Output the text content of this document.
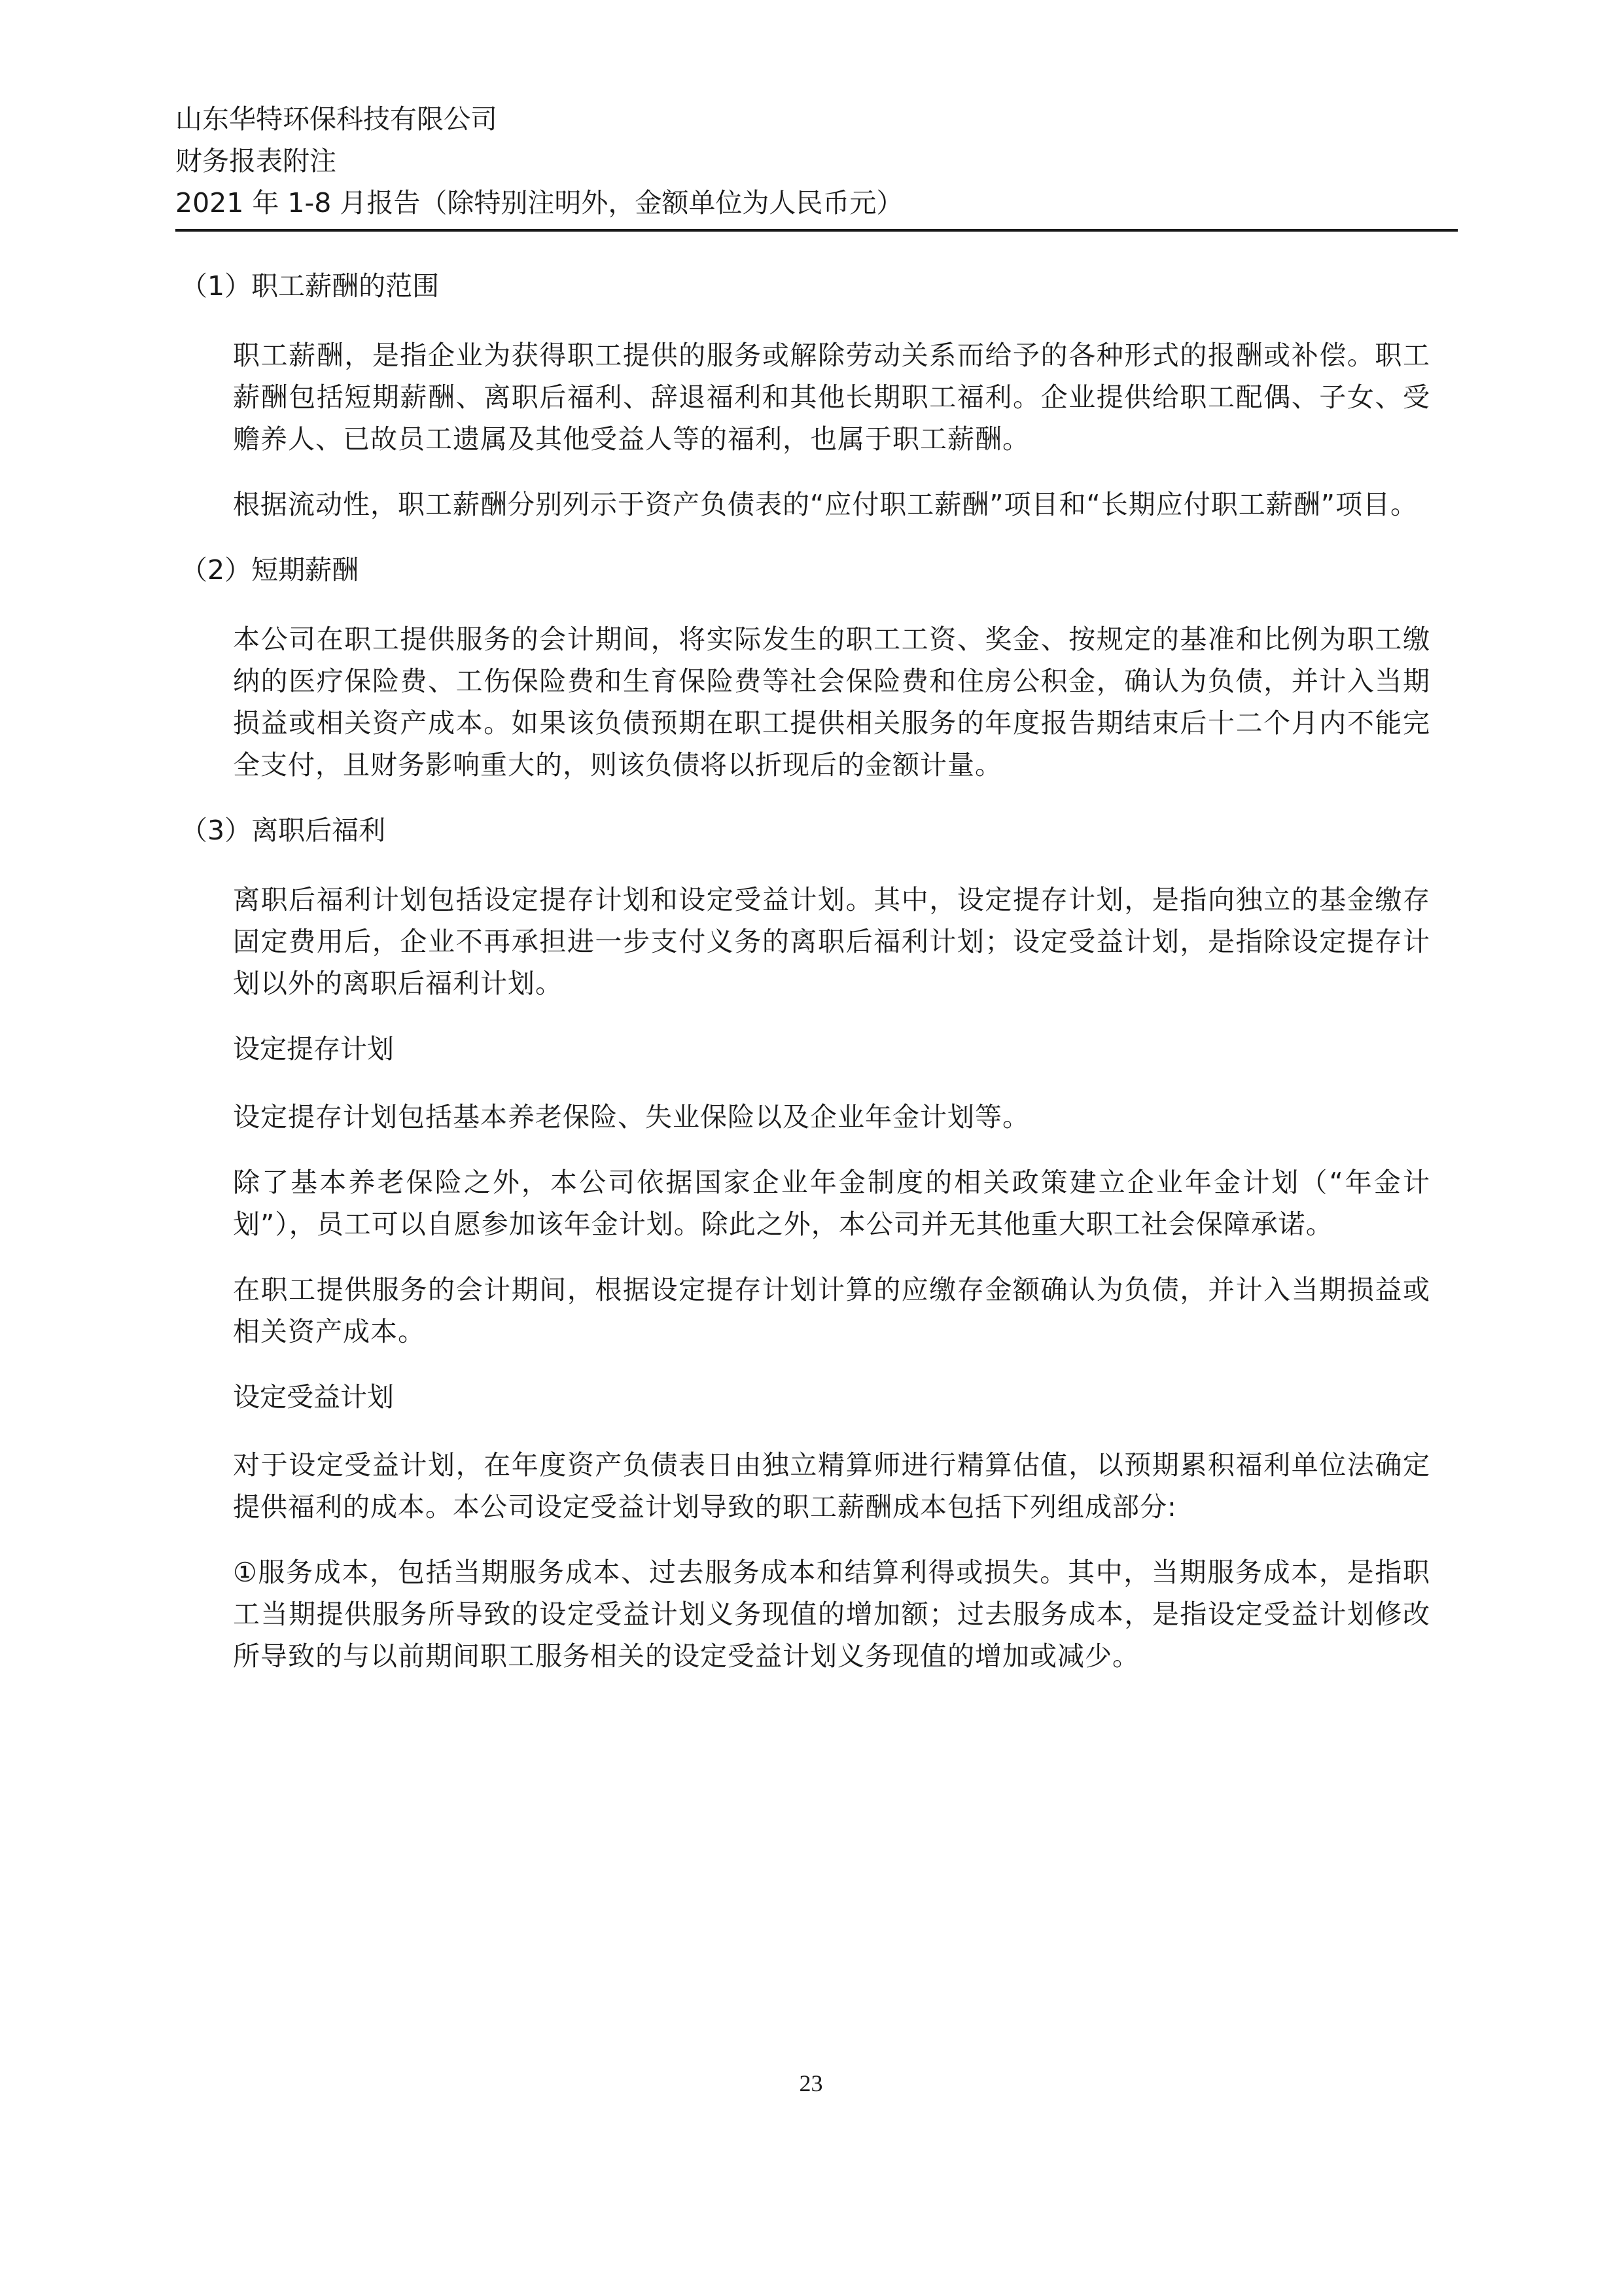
山东华特环保科技有限公司
财务报表附注
2021 年 1-8 月报告（除特别注明外，金额单位为人民币元）
（1）职工薪酬的范围

职工薪酬，是指企业为获得职工提供的服务或解除劳动关系而给予的各种形式的报酬或补偿。职工薪酬包括短期薪酬、离职后福利、辞退福利和其他长期职工福利。企业提供给职工配偶、子女、受赡养人、已故员工遗属及其他受益人等的福利，也属于职工薪酬。

根据流动性，职工薪酬分别列示于资产负债表的“应付职工薪酬”项目和“长期应付职工薪酬”项目。

（2）短期薪酬

本公司在职工提供服务的会计期间，将实际发生的职工工资、奖金、按规定的基准和比例为职工缴纳的医疗保险费、工伤保险费和生育保险费等社会保险费和住房公积金，确认为负债，并计入当期损益或相关资产成本。如果该负债预期在职工提供相关服务的年度报告期结束后十二个月内不能完全支付，且财务影响重大的，则该负债将以折现后的金额计量。

（3）离职后福利

离职后福利计划包括设定提存计划和设定受益计划。其中，设定提存计划，是指向独立的基金缴存固定费用后，企业不再承担进一步支付义务的离职后福利计划；设定受益计划，是指除设定提存计划以外的离职后福利计划。

设定提存计划

设定提存计划包括基本养老保险、失业保险以及企业年金计划等。

除了基本养老保险之外，本公司依据国家企业年金制度的相关政策建立企业年金计划（“年金计划”），员工可以自愿参加该年金计划。除此之外，本公司并无其他重大职工社会保障承诺。

在职工提供服务的会计期间，根据设定提存计划计算的应缴存金额确认为负债，并计入当期损益或相关资产成本。

设定受益计划

对于设定受益计划，在年度资产负债表日由独立精算师进行精算估值，以预期累积福利单位法确定提供福利的成本。本公司设定受益计划导致的职工薪酬成本包括下列组成部分:

①服务成本，包括当期服务成本、过去服务成本和结算利得或损失。其中，当期服务成本，是指职工当期提供服务所导致的设定受益计划义务现值的增加额；过去服务成本，是指设定受益计划修改所导致的与以前期间职工服务相关的设定受益计划义务现值的增加或减少。

23
